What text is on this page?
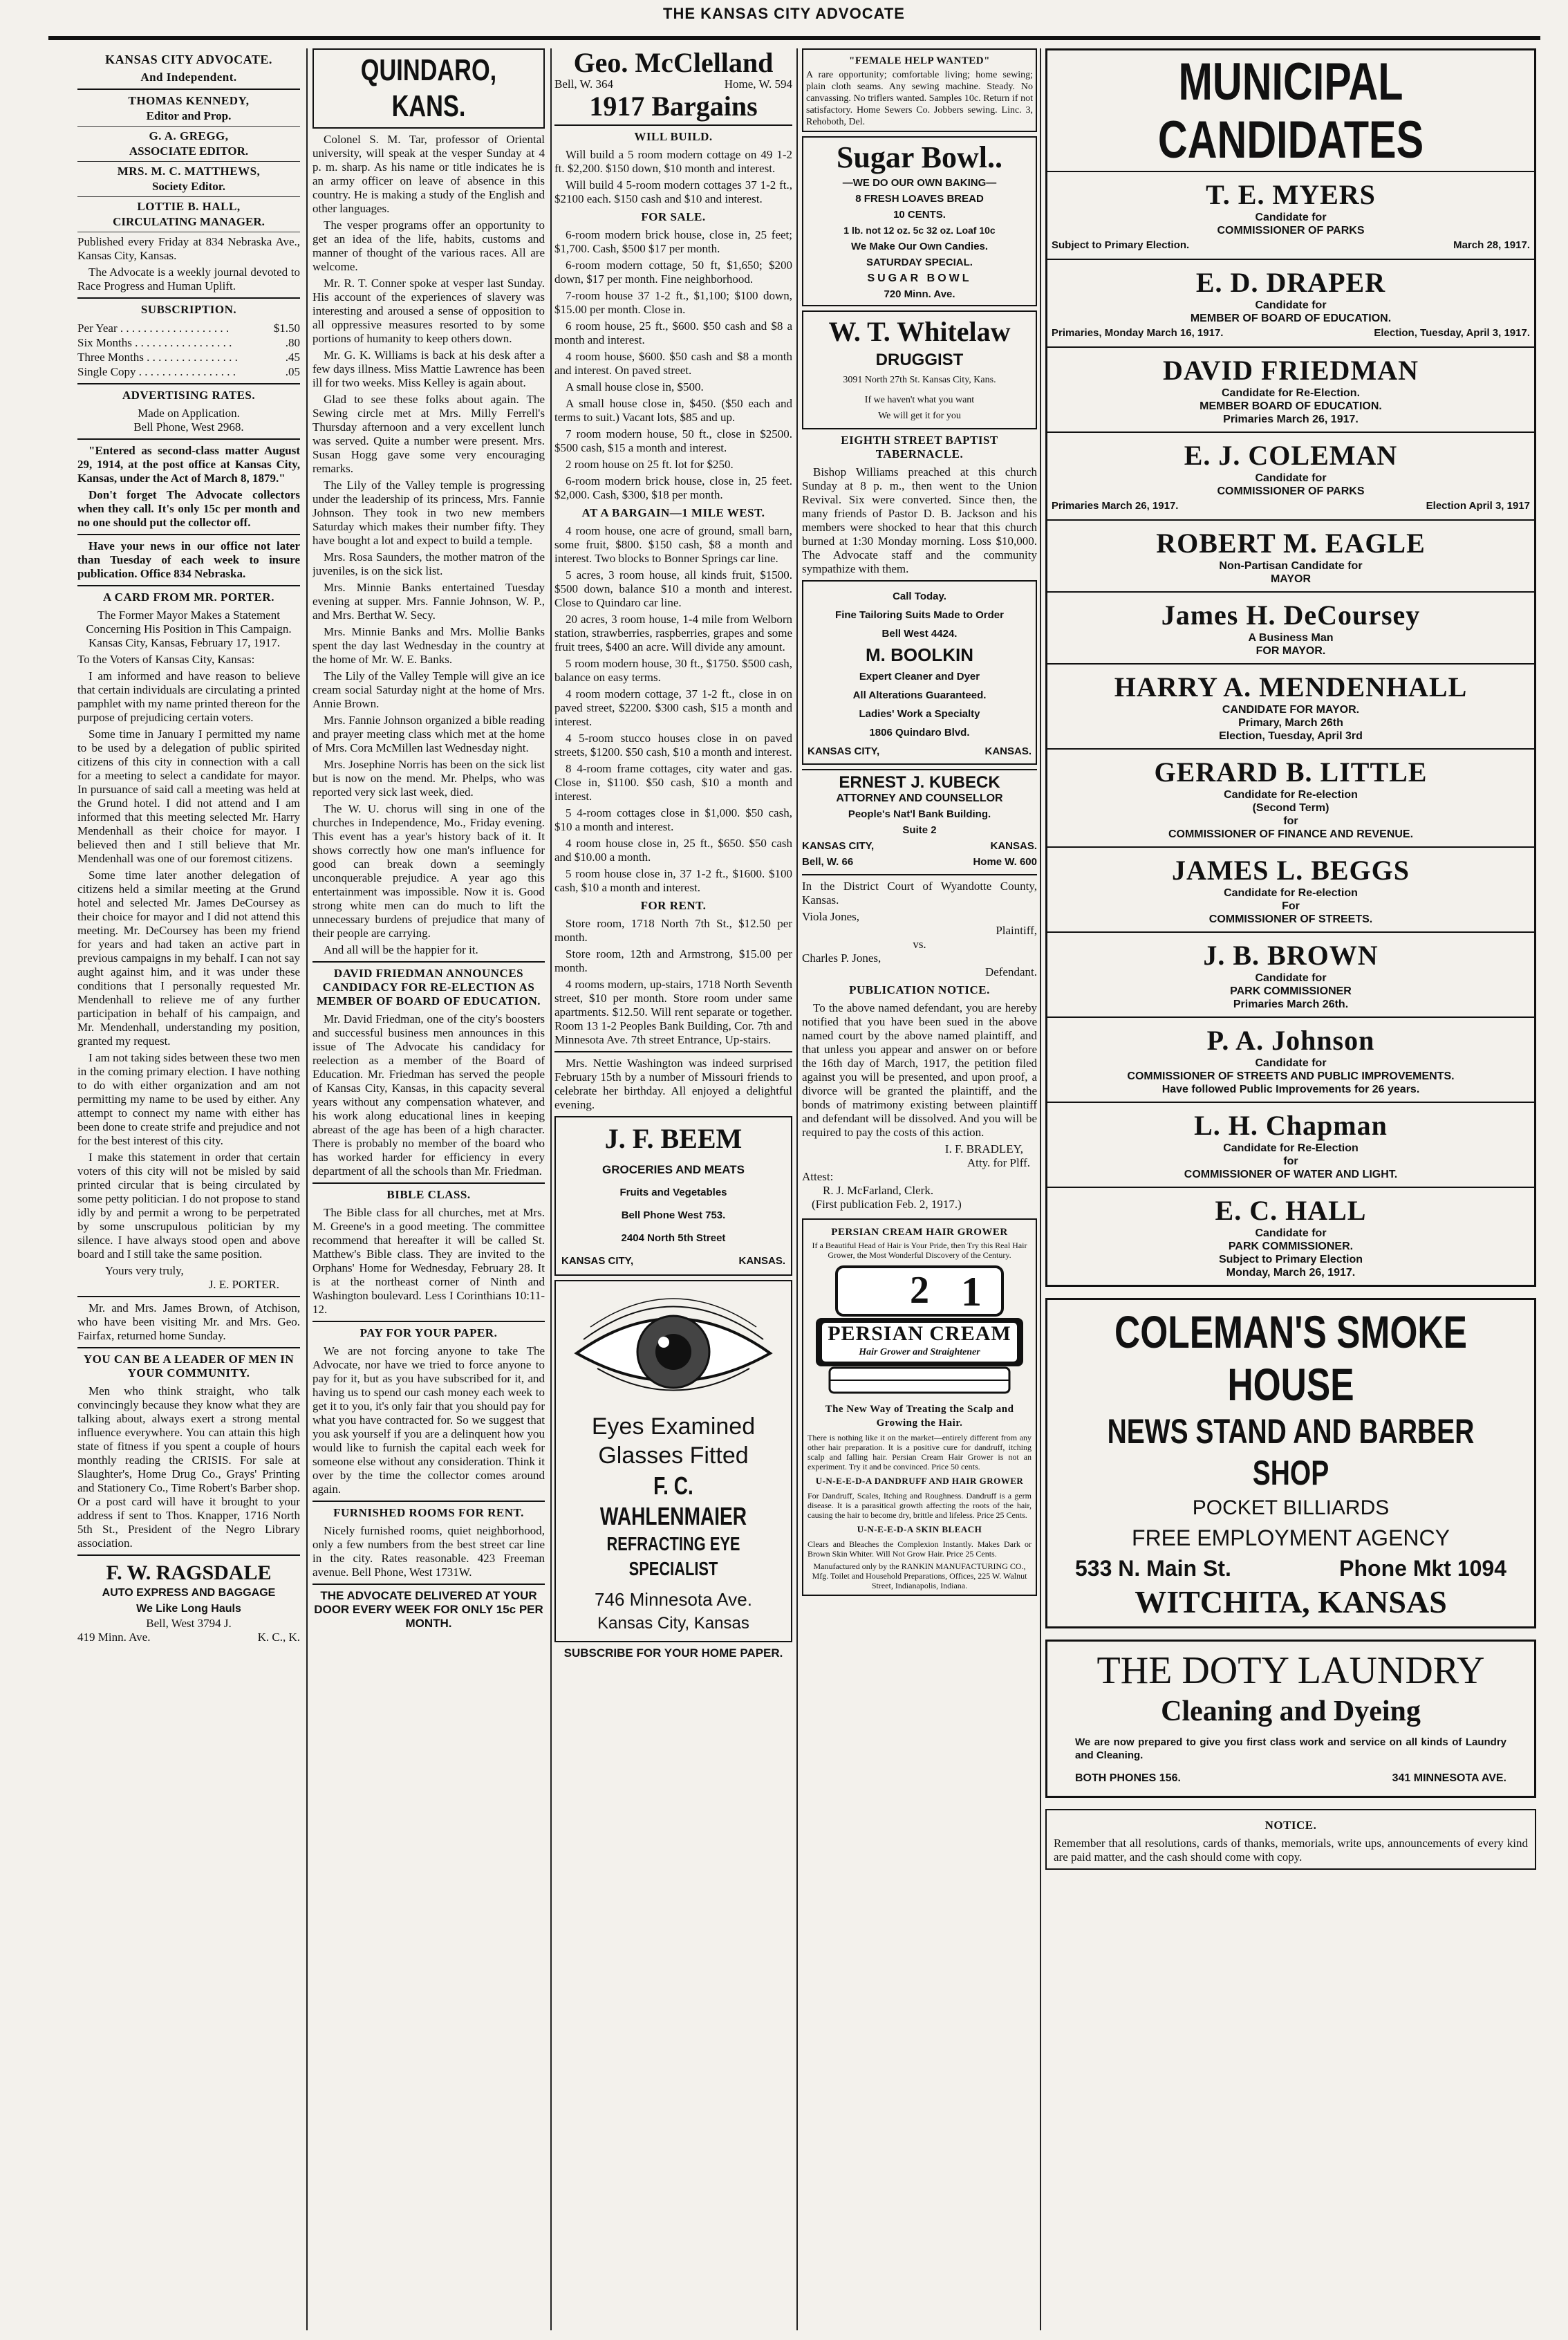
THE KANSAS CITY ADVOCATE
KANSAS CITY ADVOCATE.
And Independent.
THOMAS KENNEDY,
Editor and Prop.
G. A. GREGG,
ASSOCIATE EDITOR.
MRS. M. C. MATTHEWS,
Society Editor.
LOTTIE B. HALL,
CIRCULATING MANAGER.

Published every Friday at 834 Nebraska Ave., Kansas City, Kansas.

The Advocate is a weekly journal devoted to Race Progress and Human Uplift.

SUBSCRIPTION.
Per Year . . . . . . . . . . . . . . . . . . .	$1.50
Six Months . . . . . . . . . . . . . . . . .	.80
Three Months . . . . . . . . . . . . . . . .	.45
Single Copy . . . . . . . . . . . . . . . . .	.05
ADVERTISING RATES.
Made on Application.
Bell Phone, West 2968.

"Entered as second-class matter August 29, 1914, at the post office at Kansas City, Kansas, under the Act of March 8, 1879."

Don't forget The Advocate collectors when they call. It's only 15c per month and no one should put the collector off.

Have your news in our office not later than Tuesday of each week to insure publication. Office 834 Nebraska.

A CARD FROM MR. PORTER.
The Former Mayor Makes a Statement Concerning His Position in This Campaign.

Kansas City, Kansas, February 17, 1917.

To the Voters of Kansas City, Kansas:

I am informed and have reason to believe that certain individuals are circulating a printed pamphlet with my name printed thereon for the purpose of prejudicing certain voters.

Some time in January I permitted my name to be used by a delegation of public spirited citizens of this city in connection with a call for a meeting to select a candidate for mayor. In pursuance of said call a meeting was held at the Grund hotel. I did not attend and I am informed that this meeting selected Mr. Harry Mendenhall as their choice for mayor. I believed then and I still believe that Mr. Mendenhall was one of our foremost citizens.

Some time later another delegation of citizens held a similar meeting at the Grund hotel and selected Mr. James DeCoursey as their choice for mayor and I did not attend this meeting. Mr. DeCoursey has been my friend for years and had taken an active part in previous campaigns in my behalf. I can not say aught against him, and it was under these conditions that I personally requested Mr. Mendenhall to relieve me of any further participation in behalf of his campaign, and Mr. Mendenhall, understanding my position, granted my request.

I am not taking sides between these two men in the coming primary election. I have nothing to do with either organization and am not permitting my name to be used by either. Any attempt to connect my name with either has been done to create strife and prejudice and not for the best interest of this city.

I make this statement in order that certain voters of this city will not be misled by said printed circular that is being circulated by some petty politician. I do not propose to stand idly by and permit a wrong to be perpetrated by some unscrupulous politician by my silence. I have always stood open and above board and I still take the same position.

Yours very truly,
J. E. PORTER.

Mr. and Mrs. James Brown, of Atchison, who have been visiting Mr. and Mrs. Geo. Fairfax, returned home Sunday.

YOU CAN BE A LEADER OF MEN IN YOUR COMMUNITY.

Men who think straight, who talk convincingly because they know what they are talking about, always exert a strong mental influence everywhere. You can attain this high state of fitness if you spent a couple of hours monthly reading the CRISIS. For sale at Slaughter's, Home Drug Co., Grays' Printing and Stationery Co., Time Robert's Barber shop. Or a post card will have it brought to your address if sent to Thos. Knapper, 1716 North 5th St., President of the Negro Library association.

F. W. RAGSDALE
AUTO EXPRESS AND BAGGAGE
We Like Long Hauls
Bell, West 3794 J.
419 Minn. Ave.	K. C., K.
QUINDARO, KANS.

Colonel S. M. Tar, professor of Oriental university, will speak at the vesper Sunday at 4 p. m. sharp. As his name or title indicates he is an army officer on leave of absence in this country. He is making a study of the English and other languages.

The vesper programs offer an opportunity to get an idea of the life, habits, customs and manner of thought of the various races. All are welcome.

Mr. R. T. Conner spoke at vesper last Sunday. His account of the experiences of slavery was interesting and aroused a sense of opposition to all oppressive measures resorted to by some portions of humanity to keep others down.

Mr. G. K. Williams is back at his desk after a few days illness. Miss Mattie Lawrence has been ill for two weeks. Miss Kelley is again about.

Glad to see these folks about again. The Sewing circle met at Mrs. Milly Ferrell's Thursday afternoon and a very excellent lunch was served. Quite a number were present. Mrs. Susan Hogg gave some very encouraging remarks.

The Lily of the Valley temple is progressing under the leadership of its princess, Mrs. Fannie Johnson. They took in two new members Saturday which makes their number fifty. They have bought a lot and expect to build a temple.

Mrs. Rosa Saunders, the mother matron of the juveniles, is on the sick list.

Mrs. Minnie Banks entertained Tuesday evening at supper. Mrs. Fannie Johnson, W. P., and Mrs. Berthat W. Secy.

Mrs. Minnie Banks and Mrs. Mollie Banks spent the day last Wednesday in the country at the home of Mr. W. E. Banks.

The Lily of the Valley Temple will give an ice cream social Saturday night at the home of Mrs. Annie Brown.

Mrs. Fannie Johnson organized a bible reading and prayer meeting class which met at the home of Mrs. Cora McMillen last Wednesday night.

Mrs. Josephine Norris has been on the sick list but is now on the mend. Mr. Phelps, who was reported very sick last week, died.

The W. U. chorus will sing in one of the churches in Independence, Mo., Friday evening. This event has a year's history back of it. It shows correctly how one man's influence for good can break down a seemingly unconquerable prejudice. A year ago this entertainment was impossible. Now it is. Good strong white men can do much to lift the unnecessary burdens of prejudice that many of their people are carrying.

And all will be the happier for it.

DAVID FRIEDMAN ANNOUNCES CANDIDACY FOR RE-ELECTION AS MEMBER OF BOARD OF EDUCATION.

Mr. David Friedman, one of the city's boosters and successful business men announces in this issue of The Advocate his candidacy for reelection as a member of the Board of Education. Mr. Friedman has served the people of Kansas City, Kansas, in this capacity several years without any compensation whatever, and his work along educational lines in keeping abreast of the age has been of a high character. There is probably no member of the board who has worked harder for efficiency in every department of all the schools than Mr. Friedman.

BIBLE CLASS.

The Bible class for all churches, met at Mrs. M. Greene's in a good meeting. The committee recommend that hereafter it will be called St. Matthew's Bible class. They are invited to the Orphans' Home for Wednesday, February 28. It is at the northeast corner of Ninth and Washington boulevard. Less I Corinthians 10:11-12.

PAY FOR YOUR PAPER.

We are not forcing anyone to take The Advocate, nor have we tried to force anyone to pay for it, but as you have subscribed for it, and having us to spend our cash money each week to get it to you, it's only fair that you should pay for what you have contracted for. So we suggest that you ask yourself if you are a delinquent how you would like to furnish the capital each week for someone else without any consideration. Think it over by the time the collector comes around again.

FURNISHED ROOMS FOR RENT.

Nicely furnished rooms, quiet neighborhood, only a few numbers from the best street car line in the city. Rates reasonable. 423 Freeman avenue. Bell Phone, West 1731W.

THE ADVOCATE DELIVERED AT YOUR DOOR EVERY WEEK FOR ONLY 15c PER MONTH.
Geo. McClelland
Bell, W. 364	Home, W. 594
1917 Bargains
WILL BUILD.

Will build a 5 room modern cottage on 49 1-2 ft. $2,200. $150 down, $10 month and interest.

Will build 4 5-room modern cottages 37 1-2 ft., $2100 each. $150 cash and $10 and interest.

FOR SALE.

6-room modern brick house, close in, 25 feet; $1,700. Cash, $500 $17 per month.

6-room modern cottage, 50 ft, $1,650; $200 down, $17 per month. Fine neighborhood.

7-room house 37 1-2 ft., $1,100; $100 down, $15.00 per month. Close in.

6 room house, 25 ft., $600. $50 cash and $8 a month and interest.

4 room house, $600. $50 cash and $8 a month and interest. On paved street.

A small house close in, $500.

A small house close in, $450. ($50 each and terms to suit.) Vacant lots, $85 and up.

7 room modern house, 50 ft., close in $2500. $500 cash, $15 a month and interest.

2 room house on 25 ft. lot for $250.

6-room modern brick house, close in, 25 feet. $2,000. Cash, $300, $18 per month.

AT A BARGAIN—1 MILE WEST.

4 room house, one acre of ground, small barn, some fruit, $800. $150 cash, $8 a month and interest. Two blocks to Bonner Springs car line.

5 acres, 3 room house, all kinds fruit, $1500. $500 down, balance $10 a month and interest. Close to Quindaro car line.

20 acres, 3 room house, 1-4 mile from Welborn station, strawberries, raspberries, grapes and some fruit trees, $400 an acre. Will divide any amount.

5 room modern house, 30 ft., $1750. $500 cash, balance on easy terms.

4 room modern cottage, 37 1-2 ft., close in on paved street, $2200. $300 cash, $15 a month and interest.

4 5-room stucco houses close in on paved streets, $1200. $50 cash, $10 a month and interest.

8 4-room frame cottages, city water and gas. Close in, $1100. $50 cash, $10 a month and interest.

5 4-room cottages close in $1,000. $50 cash, $10 a month and interest.

4 room house close in, 25 ft., $650. $50 cash and $10.00 a month.

5 room house close in, 37 1-2 ft., $1600. $100 cash, $10 a month and interest.

FOR RENT.

Store room, 1718 North 7th St., $12.50 per month.

Store room, 12th and Armstrong, $15.00 per month.

4 rooms modern, up-stairs, 1718 North Seventh street, $10 per month. Store room under same apartments. $12.50. Will rent separate or together. Room 13 1-2 Peoples Bank Building, Cor. 7th and Minnesota Ave. 7th street Entrance, Up-stairs.

Mrs. Nettie Washington was indeed surprised February 15th by a number of Missouri friends to celebrate her birthday. All enjoyed a delightful evening.

J. F. BEEM
GROCERIES AND MEATS
Fruits and Vegetables
Bell Phone West 753.
2404 North 5th Street
KANSAS CITY,	KANSAS.
Eyes Examined
Glasses Fitted
F. C. WAHLENMAIER
REFRACTING EYE SPECIALIST
746 Minnesota Ave.
Kansas City, Kansas
SUBSCRIBE FOR YOUR HOME PAPER.
"FEMALE HELP WANTED"
A rare opportunity; comfortable living; home sewing; plain cloth seams. Any sewing machine. Steady. No canvassing. No triflers wanted. Samples 10c. Return if not satisfactory. Home Sewers Co. Jobbers sewing. Linc. 3, Rehoboth, Del.
Sugar Bowl..
—WE DO OUR OWN BAKING—
8 FRESH LOAVES BREAD
10 CENTS.
1 lb. not 12 oz. 5c 32 oz. Loaf 10c
We Make Our Own Candies.
SATURDAY SPECIAL.
SUGAR BOWL
720 Minn. Ave.
W. T. Whitelaw
DRUGGIST
3091 North 27th St. Kansas City, Kans.
If we haven't what you want
We will get it for you
EIGHTH STREET BAPTIST TABERNACLE.

Bishop Williams preached at this church Sunday at 8 p. m., then went to the Union Revival. Six were converted. Since then, the many friends of Pastor D. B. Jackson and his members were shocked to hear that this church burned at 1:30 Monday morning. Loss $10,000. The Advocate staff and the community sympathize with them.

Call Today.
Fine Tailoring Suits Made to Order
Bell West 4424.
M. BOOLKIN
Expert Cleaner and Dyer
All Alterations Guaranteed.
Ladies' Work a Specialty
1806 Quindaro Blvd.
KANSAS CITY,	KANSAS.
ERNEST J. KUBECK
ATTORNEY AND COUNSELLOR
People's Nat'l Bank Building.
Suite 2
KANSAS CITY,	KANSAS.
Bell, W. 66	Home W. 600

In the District Court of Wyandotte County, Kansas.

Viola Jones,
Plaintiff,
vs.
Charles P. Jones,
Defendant.
PUBLICATION NOTICE.

To the above named defendant, you are hereby notified that you have been sued in the above named court by the above named plaintiff, and that unless you appear and answer on or before the 16th day of March, 1917, the petition filed against you will be presented, and upon proof, a divorce will be granted the plaintiff, and the bonds of matrimony existing between plaintiff and defendant will be dissolved. And you will be required to pay the costs of this action.

I. F. BRADLEY,
Atty. for Plff.
Attest:
R. J. McFarland, Clerk.
(First publication Feb. 2, 1917.)
PERSIAN CREAM HAIR GROWER
If a Beautiful Head of Hair is Your Pride, then Try this Real Hair Grower, the Most Wonderful Discovery of the Century.
2 1
PERSIAN CREAM
Hair Grower and Straightener
The New Way of Treating the Scalp and Growing the Hair.
There is nothing like it on the market—entirely different from any other hair preparation. It is a positive cure for dandruff, itching scalp and falling hair. Persian Cream Hair Grower is not an experiment. Try it and be convinced. Price 50 cents.
U-N-E-E-D-A DANDRUFF AND HAIR GROWER
For Dandruff, Scales, Itching and Roughness. Dandruff is a germ disease. It is a parasitical growth affecting the roots of the hair, causing the hair to become dry, brittle and lifeless. Price 25 Cents.
U-N-E-E-D-A SKIN BLEACH
Clears and Bleaches the Complexion Instantly. Makes Dark or Brown Skin Whiter. Will Not Grow Hair. Price 25 Cents.
Manufactured only by the RANKIN MANUFACTURING CO., Mfg. Toilet and Household Preparations, Offices, 225 W. Walnut Street, Indianapolis, Indiana.
MUNICIPAL CANDIDATES
T. E. MYERS
Candidate for
COMMISSIONER OF PARKS
Subject to Primary Election.	March 28, 1917.
E. D. DRAPER
Candidate for
MEMBER OF BOARD OF EDUCATION.
Primaries, Monday March 16, 1917.	Election, Tuesday, April 3, 1917.
DAVID FRIEDMAN
Candidate for Re-Election.
MEMBER BOARD OF EDUCATION.
Primaries March 26, 1917.
E. J. COLEMAN
Candidate for
COMMISSIONER OF PARKS
Primaries March 26, 1917.	Election April 3, 1917
ROBERT M. EAGLE
Non-Partisan Candidate for
MAYOR
James H. DeCoursey
A Business Man
FOR MAYOR.
HARRY A. MENDENHALL
CANDIDATE FOR MAYOR.
Primary, March 26th
Election, Tuesday, April 3rd
GERARD B. LITTLE
Candidate for Re-election
(Second Term)
for
COMMISSIONER OF FINANCE AND REVENUE.
JAMES L. BEGGS
Candidate for Re-election
For
COMMISSIONER OF STREETS.
J. B. BROWN
Candidate for
PARK COMMISSIONER
Primaries March 26th.
P. A. Johnson
Candidate for
COMMISSIONER OF STREETS AND PUBLIC IMPROVEMENTS.
Have followed Public Improvements for 26 years.
L. H. Chapman
Candidate for Re-Election
for
COMMISSIONER OF WATER AND LIGHT.
E. C. HALL
Candidate for
PARK COMMISSIONER.
Subject to Primary Election
Monday, March 26, 1917.
COLEMAN'S SMOKE HOUSE
NEWS STAND AND BARBER SHOP
POCKET BILLIARDS
FREE EMPLOYMENT AGENCY
533 N. Main St.	Phone Mkt 1094
WITCHITA, KANSAS
THE DOTY LAUNDRY
Cleaning and Dyeing
We are now prepared to give you first class work and service on all kinds of Laundry and Cleaning.
BOTH PHONES 156.	341 MINNESOTA AVE.
NOTICE.
Remember that all resolutions, cards of thanks, memorials, write ups, announcements of every kind are paid matter, and the cash should come with copy.
